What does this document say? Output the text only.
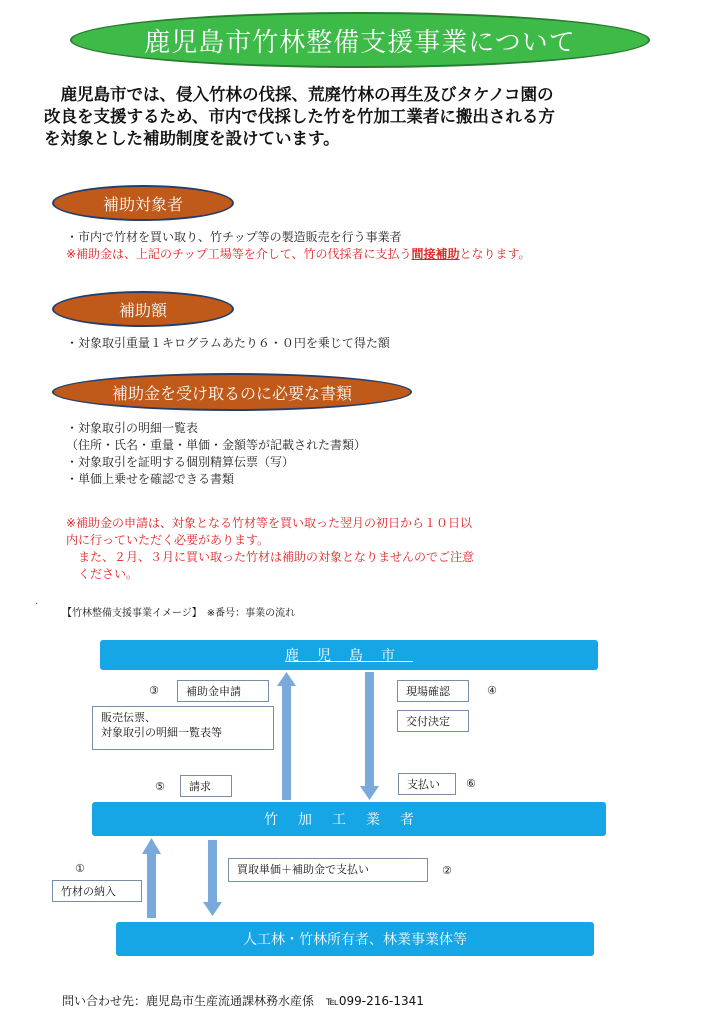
鹿児島市竹林整備支援事業について

　鹿児島市では、侵入竹林の伐採、荒廃竹林の再生及びタケノコ園の

改良を支援するため、市内で伐採した竹を竹加工業者に搬出される方

を対象とした補助制度を設けています。

補助対象者
・市内で竹材を買い取り、竹チップ等の製造販売を行う事業者
※補助金は、上記のチップ工場等を介して、竹の伐採者に支払う間接補助となります。
補助額
・対象取引重量１キログラムあたり６・０円を乗じて得た額
補助金を受け取るのに必要な書類
・対象取引の明細一覧表
（住所・氏名・重量・単価・金額等が記載された書類）
・対象取引を証明する個別精算伝票（写）
・単価上乗せを確認できる書類
※補助金の申請は、対象となる竹材等を買い取った翌月の初日から１０日以
内に行っていただく必要があります。
　また、２月、３月に買い取った竹材は補助の対象となりませんのでご注意
　ください。
.
【竹林整備支援事業イメージ】　※番号：事業の流れ
鹿児島市
③	補助金申請
販売伝票、
対象取引の明細一覧表等
現場確認	④
交付決定
⑤	請求	支払い	⑥
竹加工業者
①
竹材の納入
買取単価＋補助金で支払い	②
人工林・竹林所有者、林業事業体等
問い合わせ先：鹿児島市生産流通課林務水産係　℡099-216-1341
